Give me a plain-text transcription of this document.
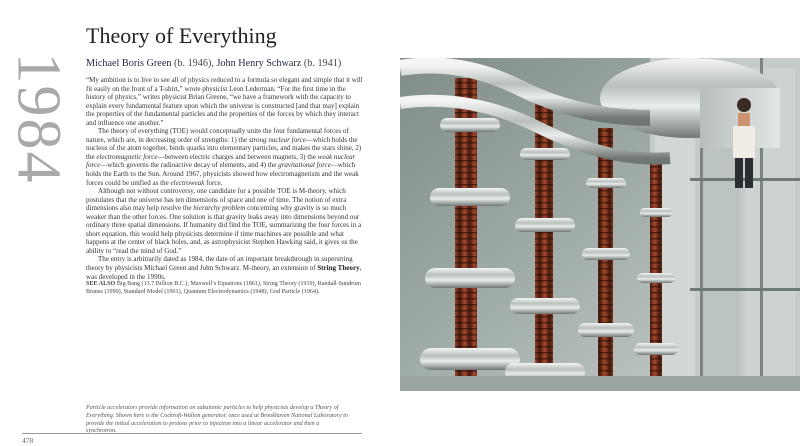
1984
Theory of Everything
Michael Boris Green (b. 1946), John Henry Schwarz (b. 1941)

“My ambition is to live to see all of physics reduced to a formula so elegant and simple that it will fit easily on the front of a T-shirt,” wrote physicist Leon Lederman. “For the first time in the history of physics,” writes physicist Brian Greene, “we have a framework with the capacity to explain every fundamental feature upon which the universe is constructed [and that may] explain the properties of the fundamental particles and the properties of the forces by which they interact and influence one another.”

The theory of everything (TOE) would conceptually unite the four fundamental forces of nature, which are, in decreasing order of strengths: 1) the strong nuclear force—which holds the nucleus of the atom together, binds quarks into elementary particles, and makes the stars shine, 2) the electromagnetic force—between electric charges and between magnets, 3) the weak nuclear force—which governs the radioactive decay of elements, and 4) the gravitational force—which holds the Earth to the Sun. Around 1967, physicists showed how electromagnetism and the weak forces could be unified as the electroweak force.

Although not without controversy, one candidate for a possible TOE is M-theory, which postulates that the universe has ten dimensions of space and one of time. The notion of extra dimensions also may help resolve the hierarchy problem concerning why gravity is so much weaker than the other forces. One solution is that gravity leaks away into dimensions beyond our ordinary three spatial dimensions. If humanity did find the TOE, summarizing the four forces in a short equation, this would help physicists determine if time machines are possible and what happens at the center of black holes, and, as astrophysicist Stephen Hawking said, it gives us the ability to “read the mind of God.”

The entry is arbitrarily dated as 1984, the date of an important breakthrough in superstring theory by physicists Michael Green and John Schwarz. M-theory, an extension of String Theory, was developed in the 1990s.

SEE ALSO Big Bang (13.7 Billion B.C.), Maxwell’s Equations (1861), String Theory (1919), Randall-Sundrum Branes (1999), Standard Model (1961), Quantum Electrodynamics (1948), God Particle (1964).

Particle accelerators provide information on subatomic particles to help physicists develop a Theory of Everything. Shown here is the Cockroft-Walton generator, once used at Brookhaven National Laboratory to provide the initial acceleration to protons prior to injection into a linear accelerator and then a synchrotron.
478
